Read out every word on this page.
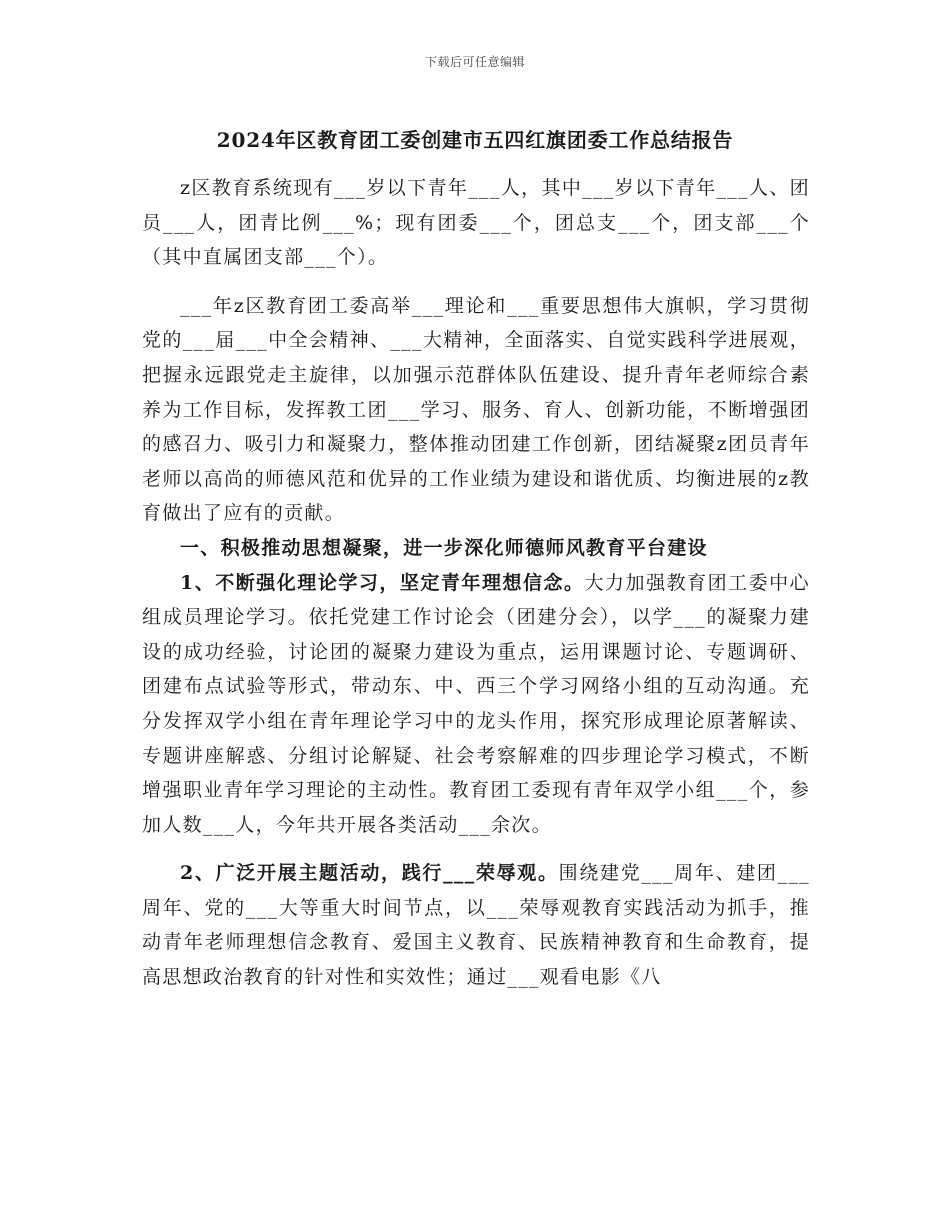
下载后可任意编辑
2024年区教育团工委创建市五四红旗团委工作总结报告

z区教育系统现有___岁以下青年___人，其中___岁以下青年___人、团员___人，团青比例___%；现有团委___个，团总支___个，团支部___个（其中直属团支部___个）。

___年z区教育团工委高举___理论和___重要思想伟大旗帜，学习贯彻党的___届___中全会精神、___大精神，全面落实、自觉实践科学进展观，把握永远跟党走主旋律，以加强示范群体队伍建设、提升青年老师综合素养为工作目标，发挥教工团___学习、服务、育人、创新功能，不断增强团的感召力、吸引力和凝聚力，整体推动团建工作创新，团结凝聚z团员青年老师以高尚的师德风范和优异的工作业绩为建设和谐优质、均衡进展的z教育做出了应有的贡献。

一、积极推动思想凝聚，进一步深化师德师风教育平台建设

1、不断强化理论学习，坚定青年理想信念。大力加强教育团工委中心组成员理论学习。依托党建工作讨论会（团建分会），以学___的凝聚力建设的成功经验，讨论团的凝聚力建设为重点，运用课题讨论、专题调研、团建布点试验等形式，带动东、中、西三个学习网络小组的互动沟通。充分发挥双学小组在青年理论学习中的龙头作用，探究形成理论原著解读、专题讲座解惑、分组讨论解疑、社会考察解难的四步理论学习模式，不断增强职业青年学习理论的主动性。教育团工委现有青年双学小组___个，参加人数___人，今年共开展各类活动___余次。

2、广泛开展主题活动，践行___荣辱观。围绕建党___周年、建团___周年、党的___大等重大时间节点，以___荣辱观教育实践活动为抓手，推动青年老师理想信念教育、爱国主义教育、民族精神教育和生命教育，提高思想政治教育的针对性和实效性；通过___观看电影《八
